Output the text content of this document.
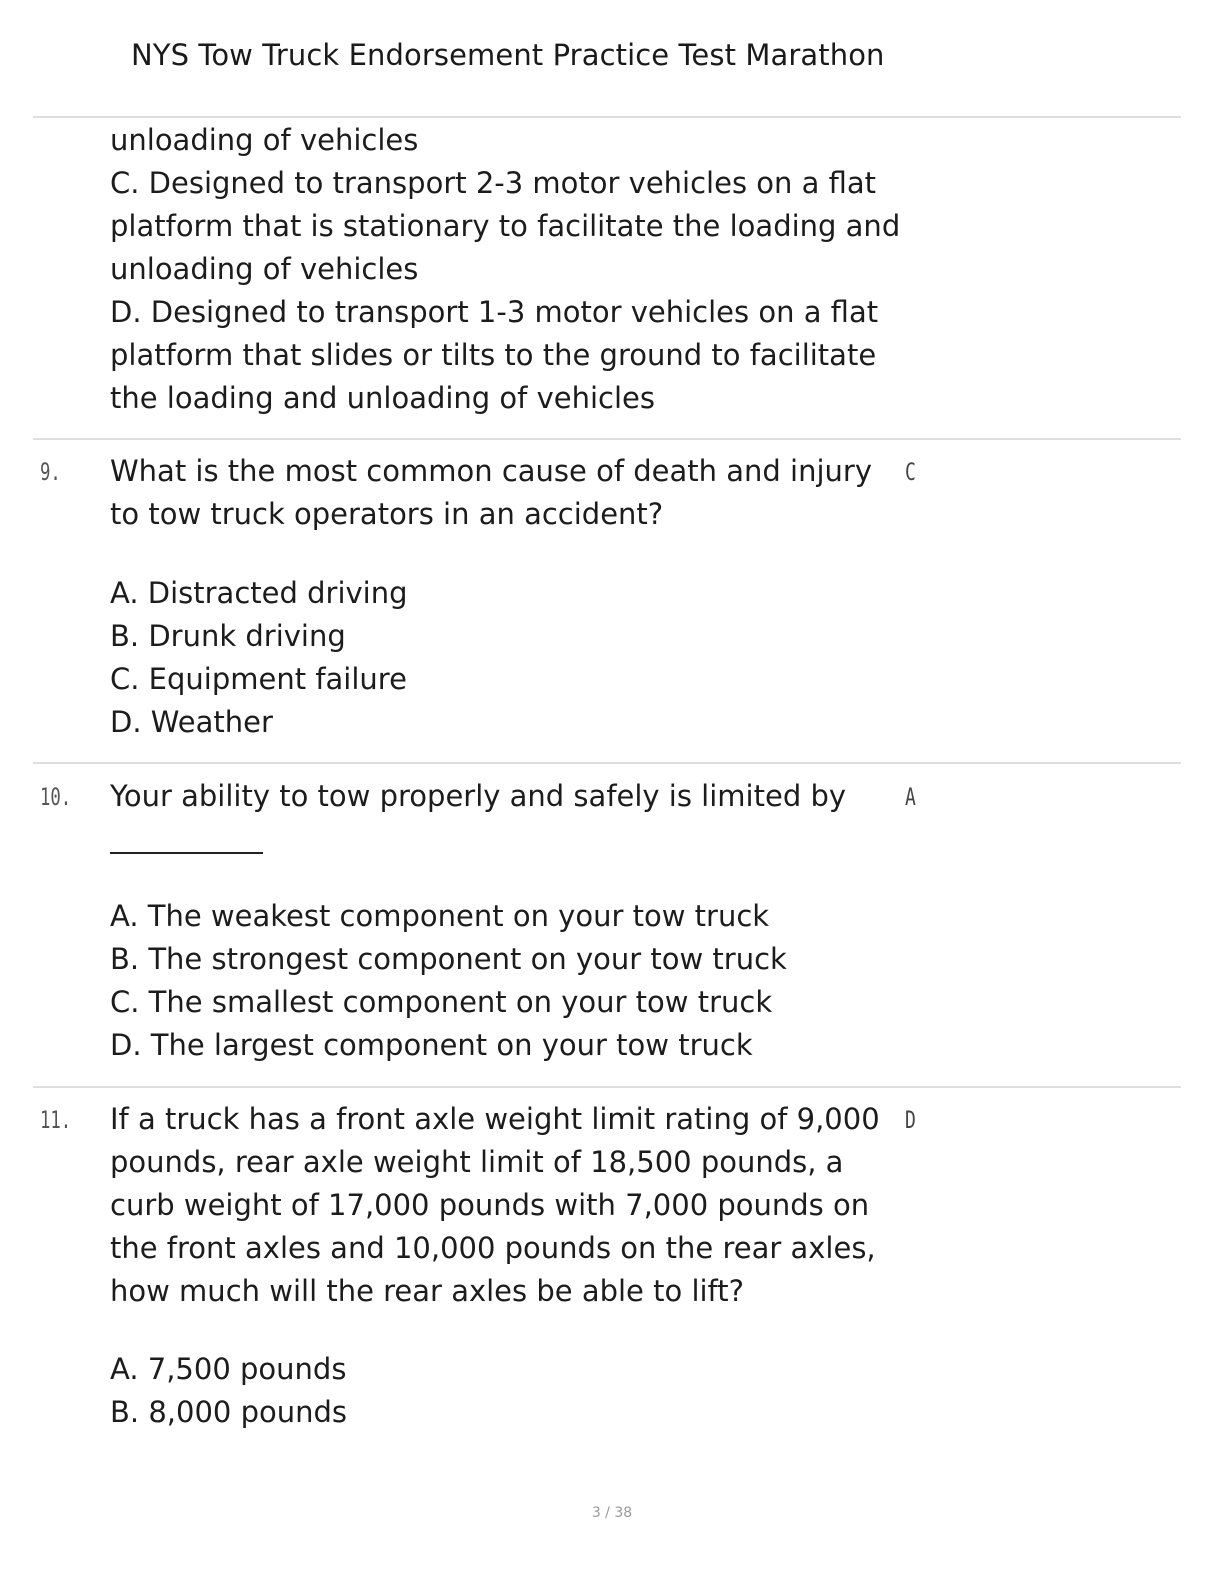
NYS Tow Truck Endorsement Practice Test Marathon
unloading of vehicles
C. Designed to transport 2-3 motor vehicles on a flat
platform that is stationary to facilitate the loading and
unloading of vehicles
D. Designed to transport 1-3 motor vehicles on a flat
platform that slides or tilts to the ground to facilitate
the loading and unloading of vehicles
9.	C
What is the most common cause of death and injury
to tow truck operators in an accident?
A. Distracted driving
B. Drunk driving
C. Equipment failure
D. Weather
10.	A
Your ability to tow properly and safely is limited by
A. The weakest component on your tow truck
B. The strongest component on your tow truck
C. The smallest component on your tow truck
D. The largest component on your tow truck
11.	D
If a truck has a front axle weight limit rating of 9,000
pounds, rear axle weight limit of 18,500 pounds, a
curb weight of 17,000 pounds with 7,000 pounds on
the front axles and 10,000 pounds on the rear axles,
how much will the rear axles be able to lift?
A. 7,500 pounds
B. 8,000 pounds
3 / 38
